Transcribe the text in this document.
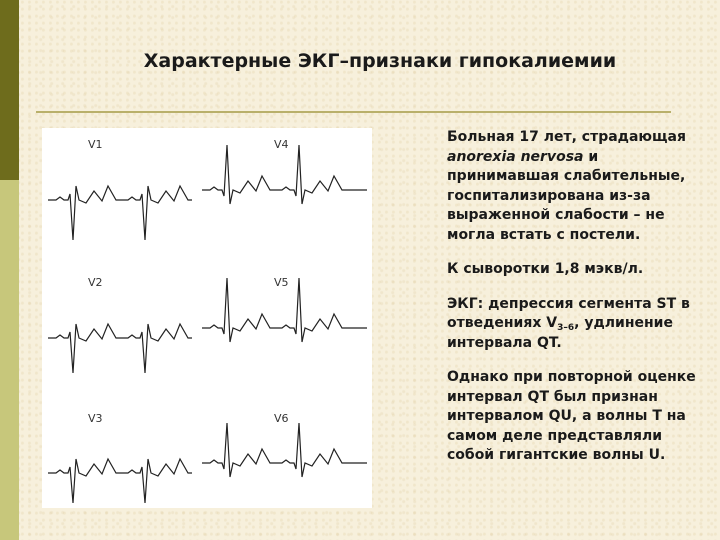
Характерные ЭКГ–признаки гипокалиемии
V1
V2
V3
V4
V5
V6

Больная 17 лет, страдающая anorexia nervosa и принимавшая слабительные, госпитализирована из-за выраженной слабости – не могла встать с постели.

К сыворотки 1,8 мэкв/л.

ЭКГ: депрессия сегмента ST в отведениях $V_{3-6}$, удлинение интервала QT.

Однако при повторной оценке интервал QT был признан интервалом QU, а волны T на самом деле представляли собой гигантские волны U.
